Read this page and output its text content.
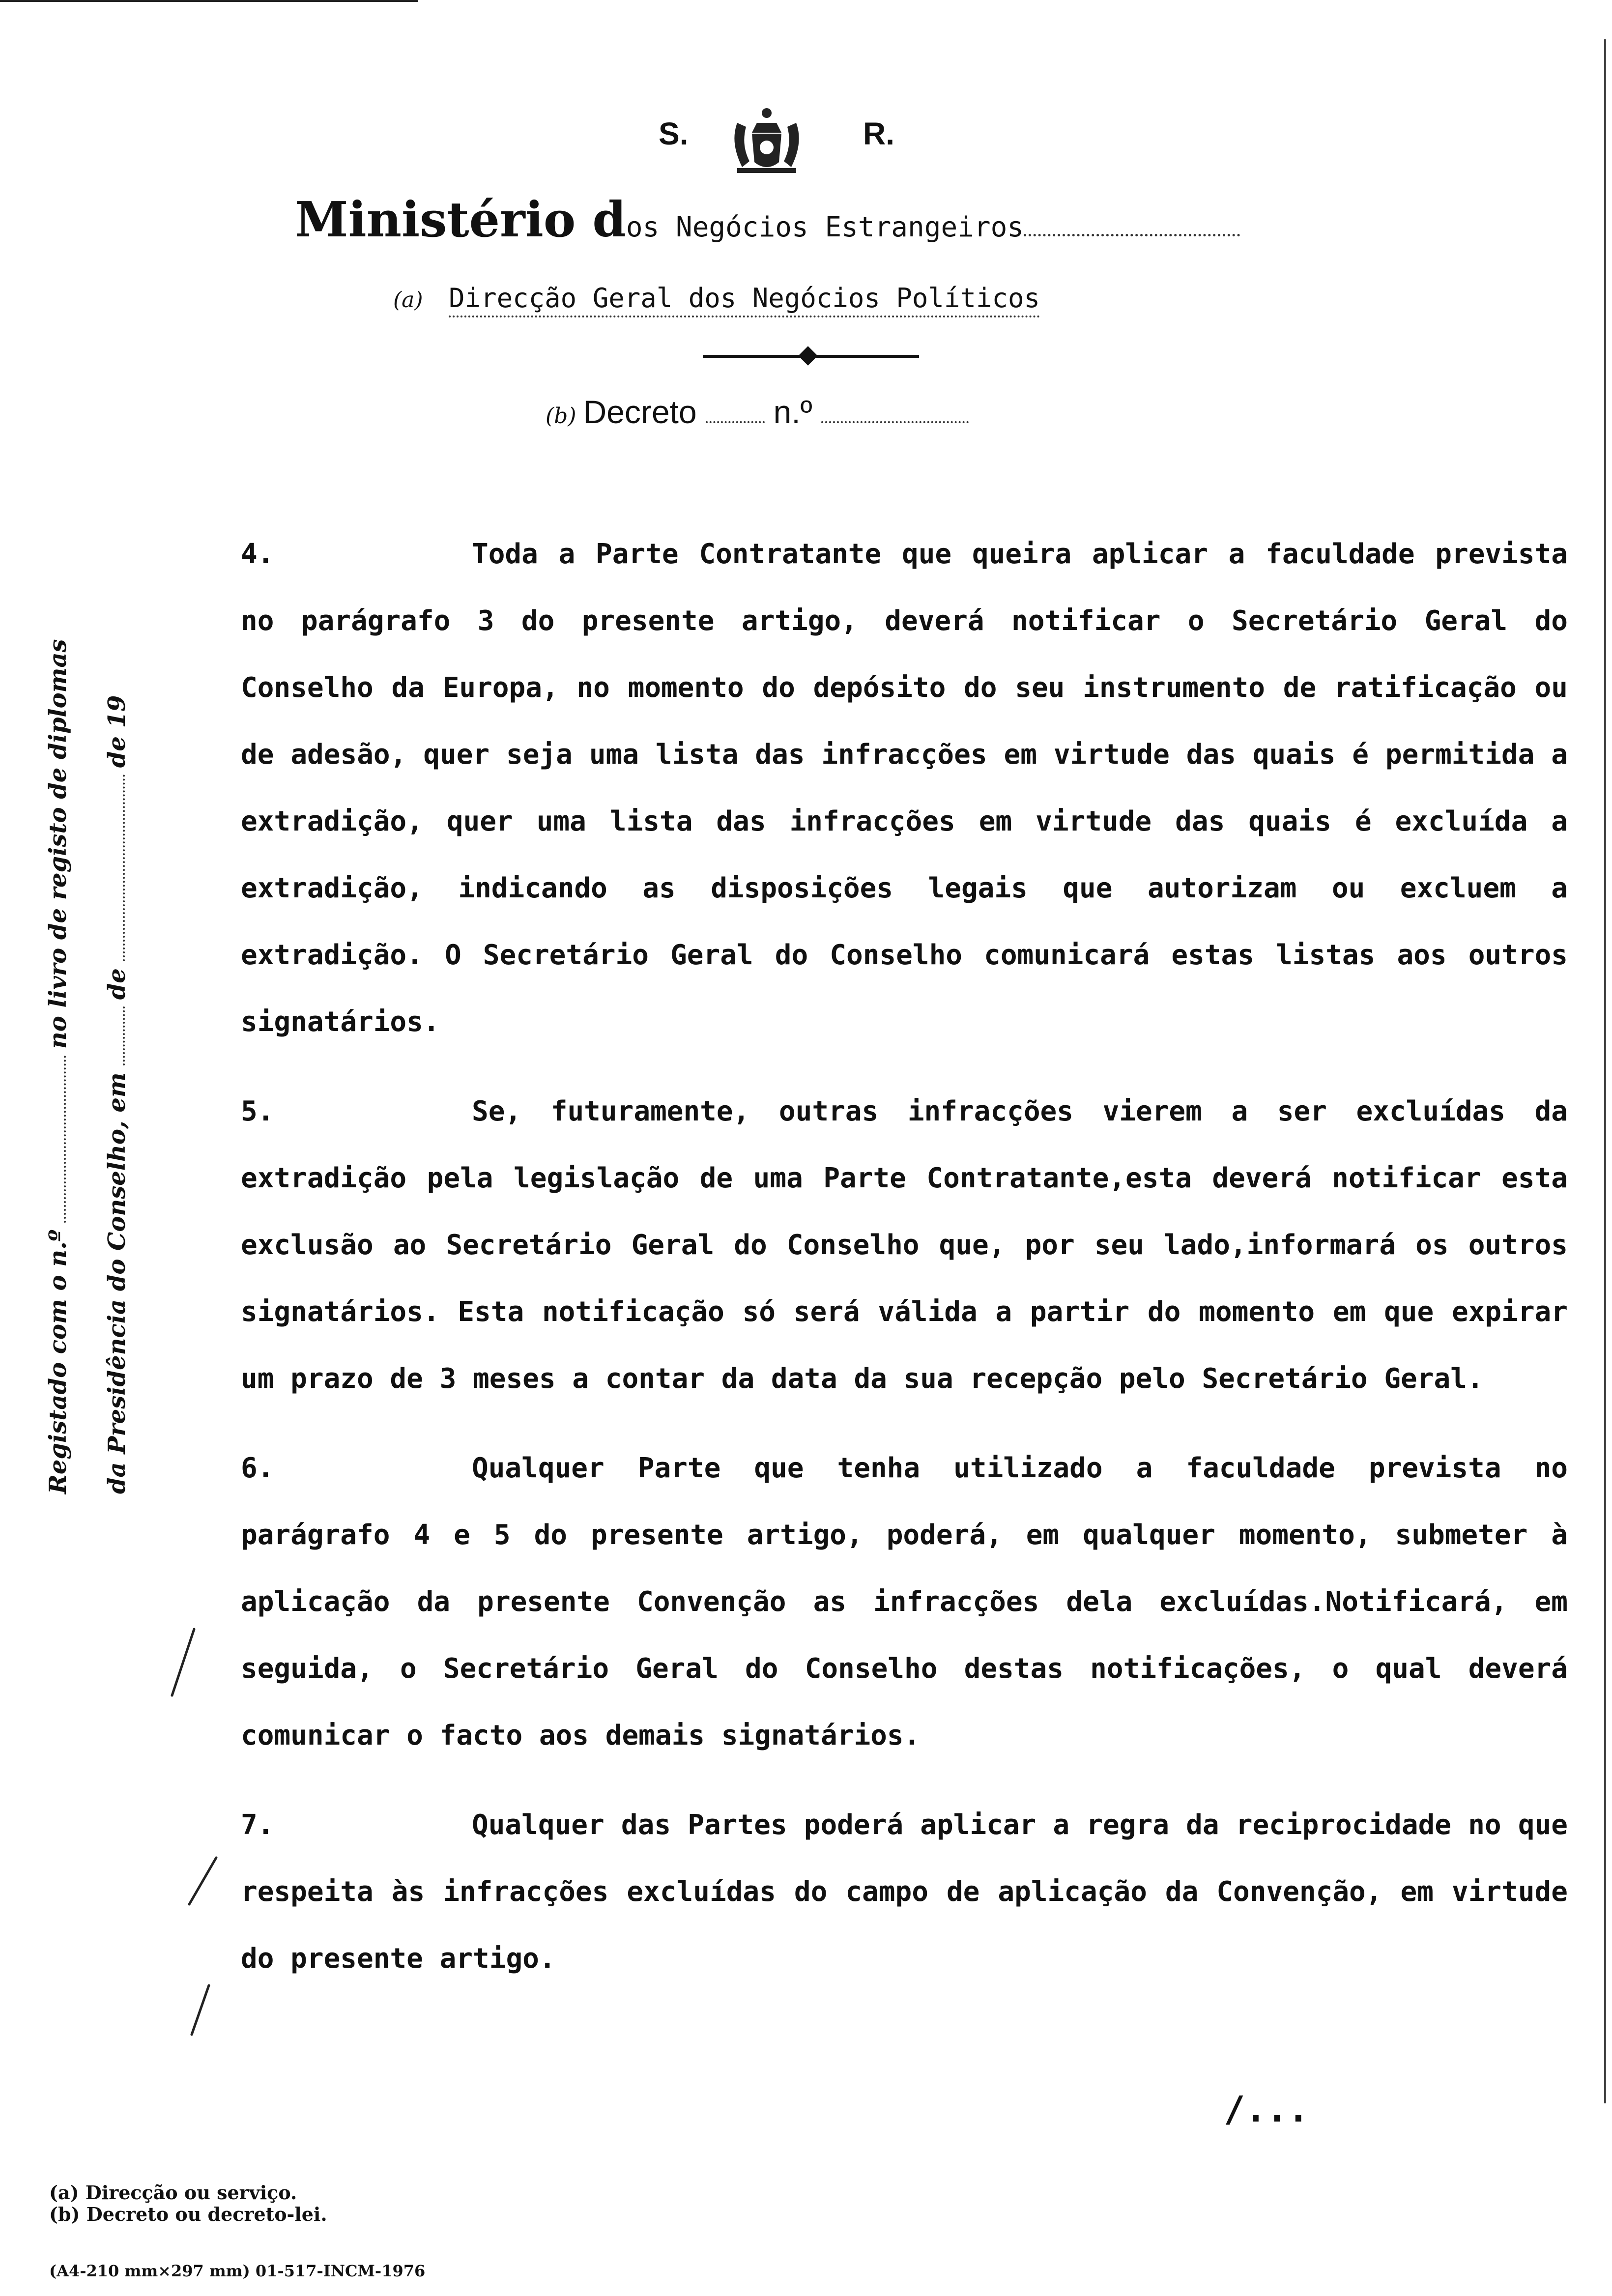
S.	R.
Ministério dos Negócios Estrangeiros
(a) Direcção Geral dos Negócios Políticos
(b) Decreto n.º
Registado com o n.ºno livro de registo de diplomas
da Presidência do Conselho, emdede 19

4.	Toda a Parte Contratante que queira aplicar a faculdade prevista no parágrafo 3 do presente artigo, deverá notificar o Secretário Geral do Conselho da Europa, no momento do depósito do seu instrumento de ratificação ou de adesão, quer seja uma lista das infracções em virtude das quais é permitida a extradição, quer uma lista das infracções em virtude das quais é excluída a extradição, indicando as disposições legais que autorizam ou excluem a extradição. O Secretário Geral do Conselho comunicará estas listas aos outros signatários.

5.	Se, futuramente, outras infracções vierem a ser excluídas da extradição pela legislação de uma Parte Contratante,esta deverá notificar esta exclusão ao Secretário Geral do Conselho que, por seu lado,informará os outros signatários. Esta notificação só será válida a partir do momento em que expirar um prazo de 3 meses a contar da data da sua recepção pelo Secretário Geral.

6.	Qualquer Parte que tenha utilizado a faculdade prevista no parágrafo 4 e 5 do presente artigo, poderá, em qualquer momento, submeter à aplicação da presente Convenção as infracções dela excluídas.Notificará, em seguida, o Secretário Geral do Conselho destas notificações, o qual deverá comunicar o facto aos demais signatários.

7.	Qualquer das Partes poderá aplicar a regra da reciprocidade no que respeita às infracções excluídas do campo de aplicação da Convenção, em virtude do presente artigo.

/...
(a) Direcção ou serviço.
(b) Decreto ou decreto-lei.
(A4-210 mm×297 mm) 01-517-INCM-1976
